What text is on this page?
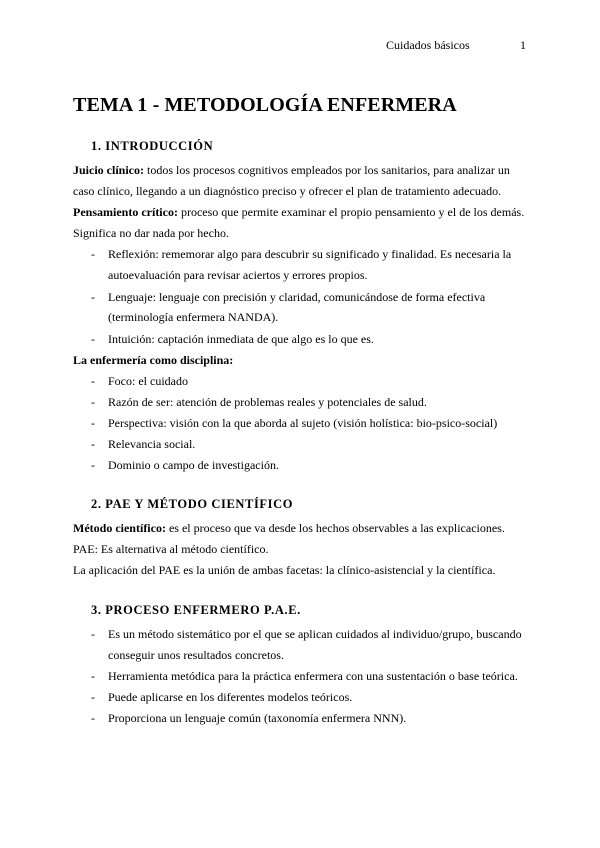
Cuidados básicos	1
TEMA 1 - METODOLOGÍA ENFERMERA
1. INTRODUCCIÓN
Juicio clínico: todos los procesos cognitivos empleados por los sanitarios, para analizar un
caso clínico, llegando a un diagnóstico preciso y ofrecer el plan de tratamiento adecuado.
Pensamiento crítico: proceso que permite examinar el propio pensamiento y el de los demás.
Significa no dar nada por hecho.
- Reflexión: rememorar algo para descubrir su significado y finalidad. Es necesaria la
autoevaluación para revisar aciertos y errores propios.
- Lenguaje: lenguaje con precisión y claridad, comunicándose de forma efectiva
(terminología enfermera NANDA).
- Intuición: captación inmediata de que algo es lo que es.
La enfermería como disciplina:
- Foco: el cuidado
- Razón de ser: atención de problemas reales y potenciales de salud.
- Perspectiva: visión con la que aborda al sujeto (visión holística: bio-psico-social)
- Relevancia social.
- Dominio o campo de investigación.
2. PAE Y MÉTODO CIENTÍFICO
Método científico: es el proceso que va desde los hechos observables a las explicaciones.
PAE: Es alternativa al método científico.
La aplicación del PAE es la unión de ambas facetas: la clínico-asistencial y la científica.
3. PROCESO ENFERMERO P.A.E.
- Es un método sistemático por el que se aplican cuidados al individuo/grupo, buscando
conseguir unos resultados concretos.
- Herramienta metódica para la práctica enfermera con una sustentación o base teórica.
- Puede aplicarse en los diferentes modelos teóricos.
- Proporciona un lenguaje común (taxonomía enfermera NNN).
